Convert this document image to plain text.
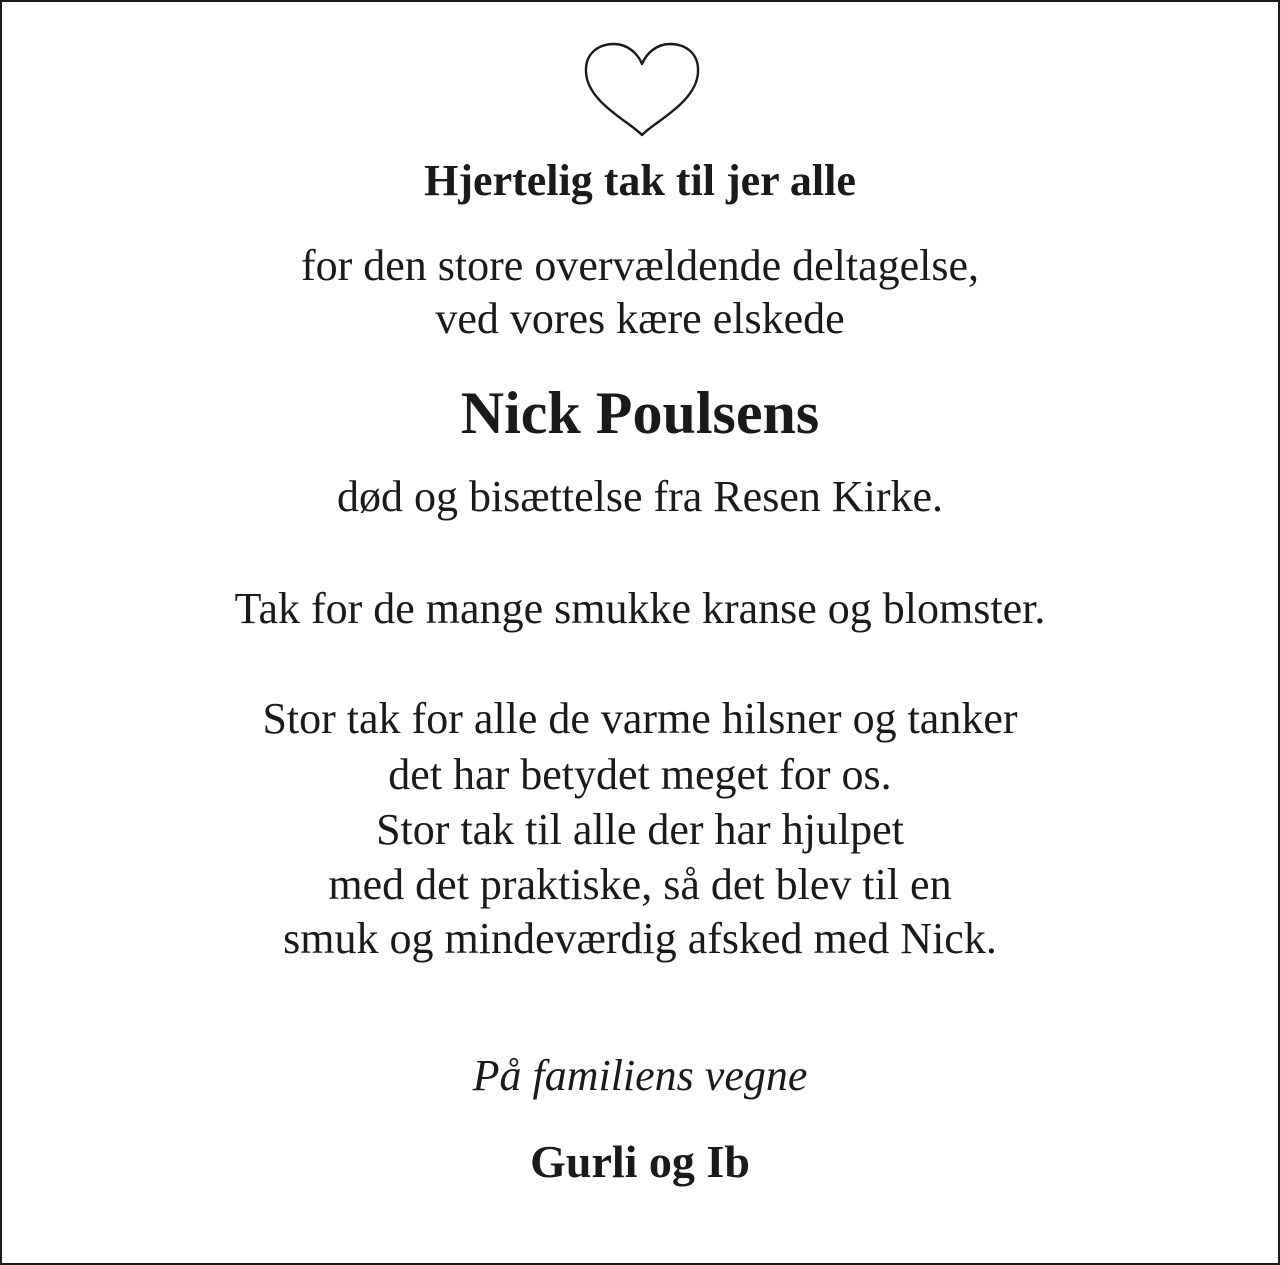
Hjertelig tak til jer alle
for den store overvældende deltagelse,
ved vores kære elskede
Nick Poulsens
død og bisættelse fra Resen Kirke.
Tak for de mange smukke kranse og blomster.
Stor tak for alle de varme hilsner og tanker
det har betydet meget for os.
Stor tak til alle der har hjulpet
med det praktiske, så det blev til en
smuk og mindeværdig afsked med Nick.
På familiens vegne
Gurli og Ib
